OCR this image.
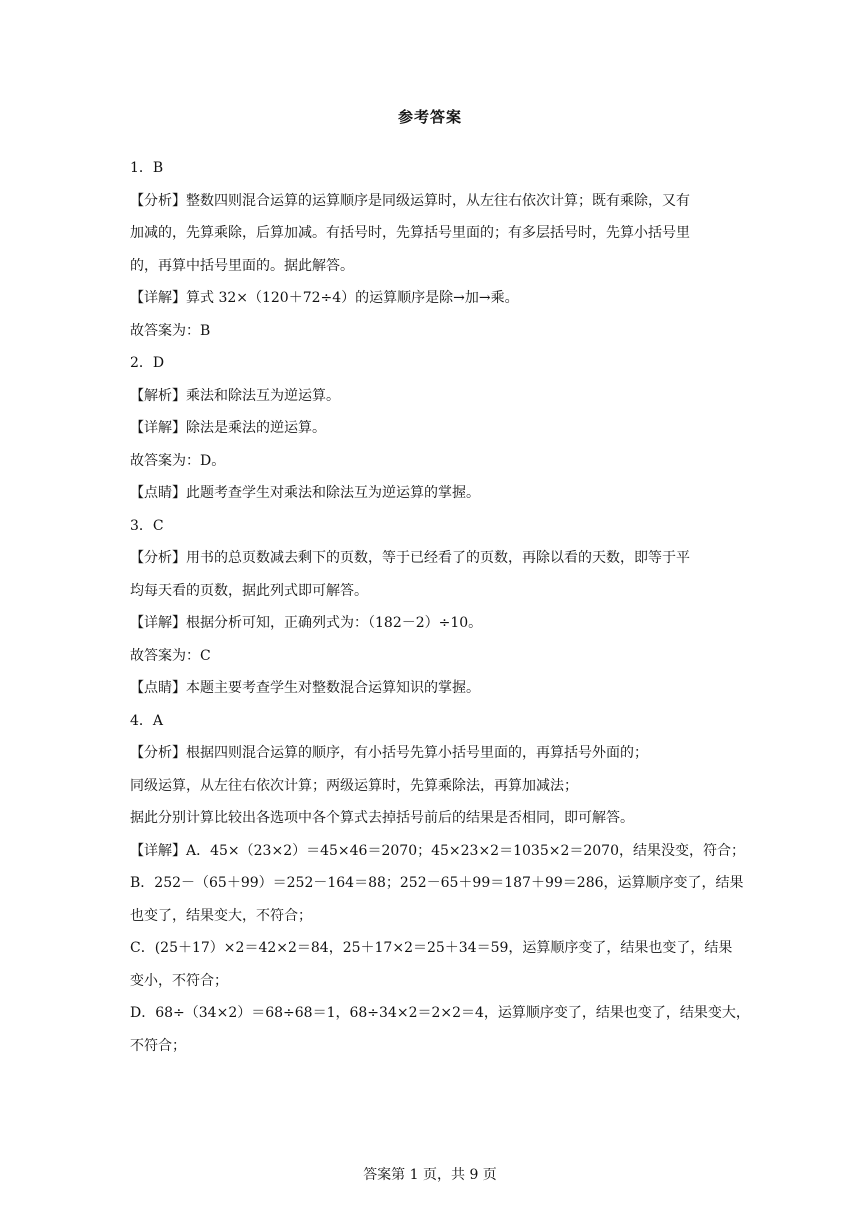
参考答案

1．B

【分析】整数四则混合运算的运算顺序是同级运算时，从左往右依次计算；既有乘除，又有

加减的，先算乘除，后算加减。有括号时，先算括号里面的；有多层括号时，先算小括号里

的，再算中括号里面的。据此解答。

【详解】算式 32×（120＋72÷4）的运算顺序是除→加→乘。

故答案为：B

2．D

【解析】乘法和除法互为逆运算。

【详解】除法是乘法的逆运算。

故答案为：D。

【点睛】此题考查学生对乘法和除法互为逆运算的掌握。

3．C

【分析】用书的总页数减去剩下的页数，等于已经看了的页数，再除以看的天数，即等于平

均每天看的页数，据此列式即可解答。

【详解】根据分析可知，正确列式为：（182－2）÷10。

故答案为：C

【点睛】本题主要考查学生对整数混合运算知识的掌握。

4．A

【分析】根据四则混合运算的顺序，有小括号先算小括号里面的，再算括号外面的；

同级运算，从左往右依次计算；两级运算时，先算乘除法，再算加减法；

据此分别计算比较出各选项中各个算式去掉括号前后的结果是否相同，即可解答。

【详解】A．45×（23×2）＝45×46＝2070；45×23×2＝1035×2＝2070，结果没变，符合；

B．252－（65＋99）＝252－164＝88；252－65＋99＝187＋99＝286，运算顺序变了，结果

也变了，结果变大，不符合；

C．(25＋17）×2＝42×2＝84，25＋17×2＝25＋34＝59，运算顺序变了，结果也变了，结果

变小，不符合；

D．68÷（34×2）＝68÷68＝1，68÷34×2＝2×2＝4，运算顺序变了，结果也变了，结果变大，

不符合；

答案第 1 页，共 9 页
